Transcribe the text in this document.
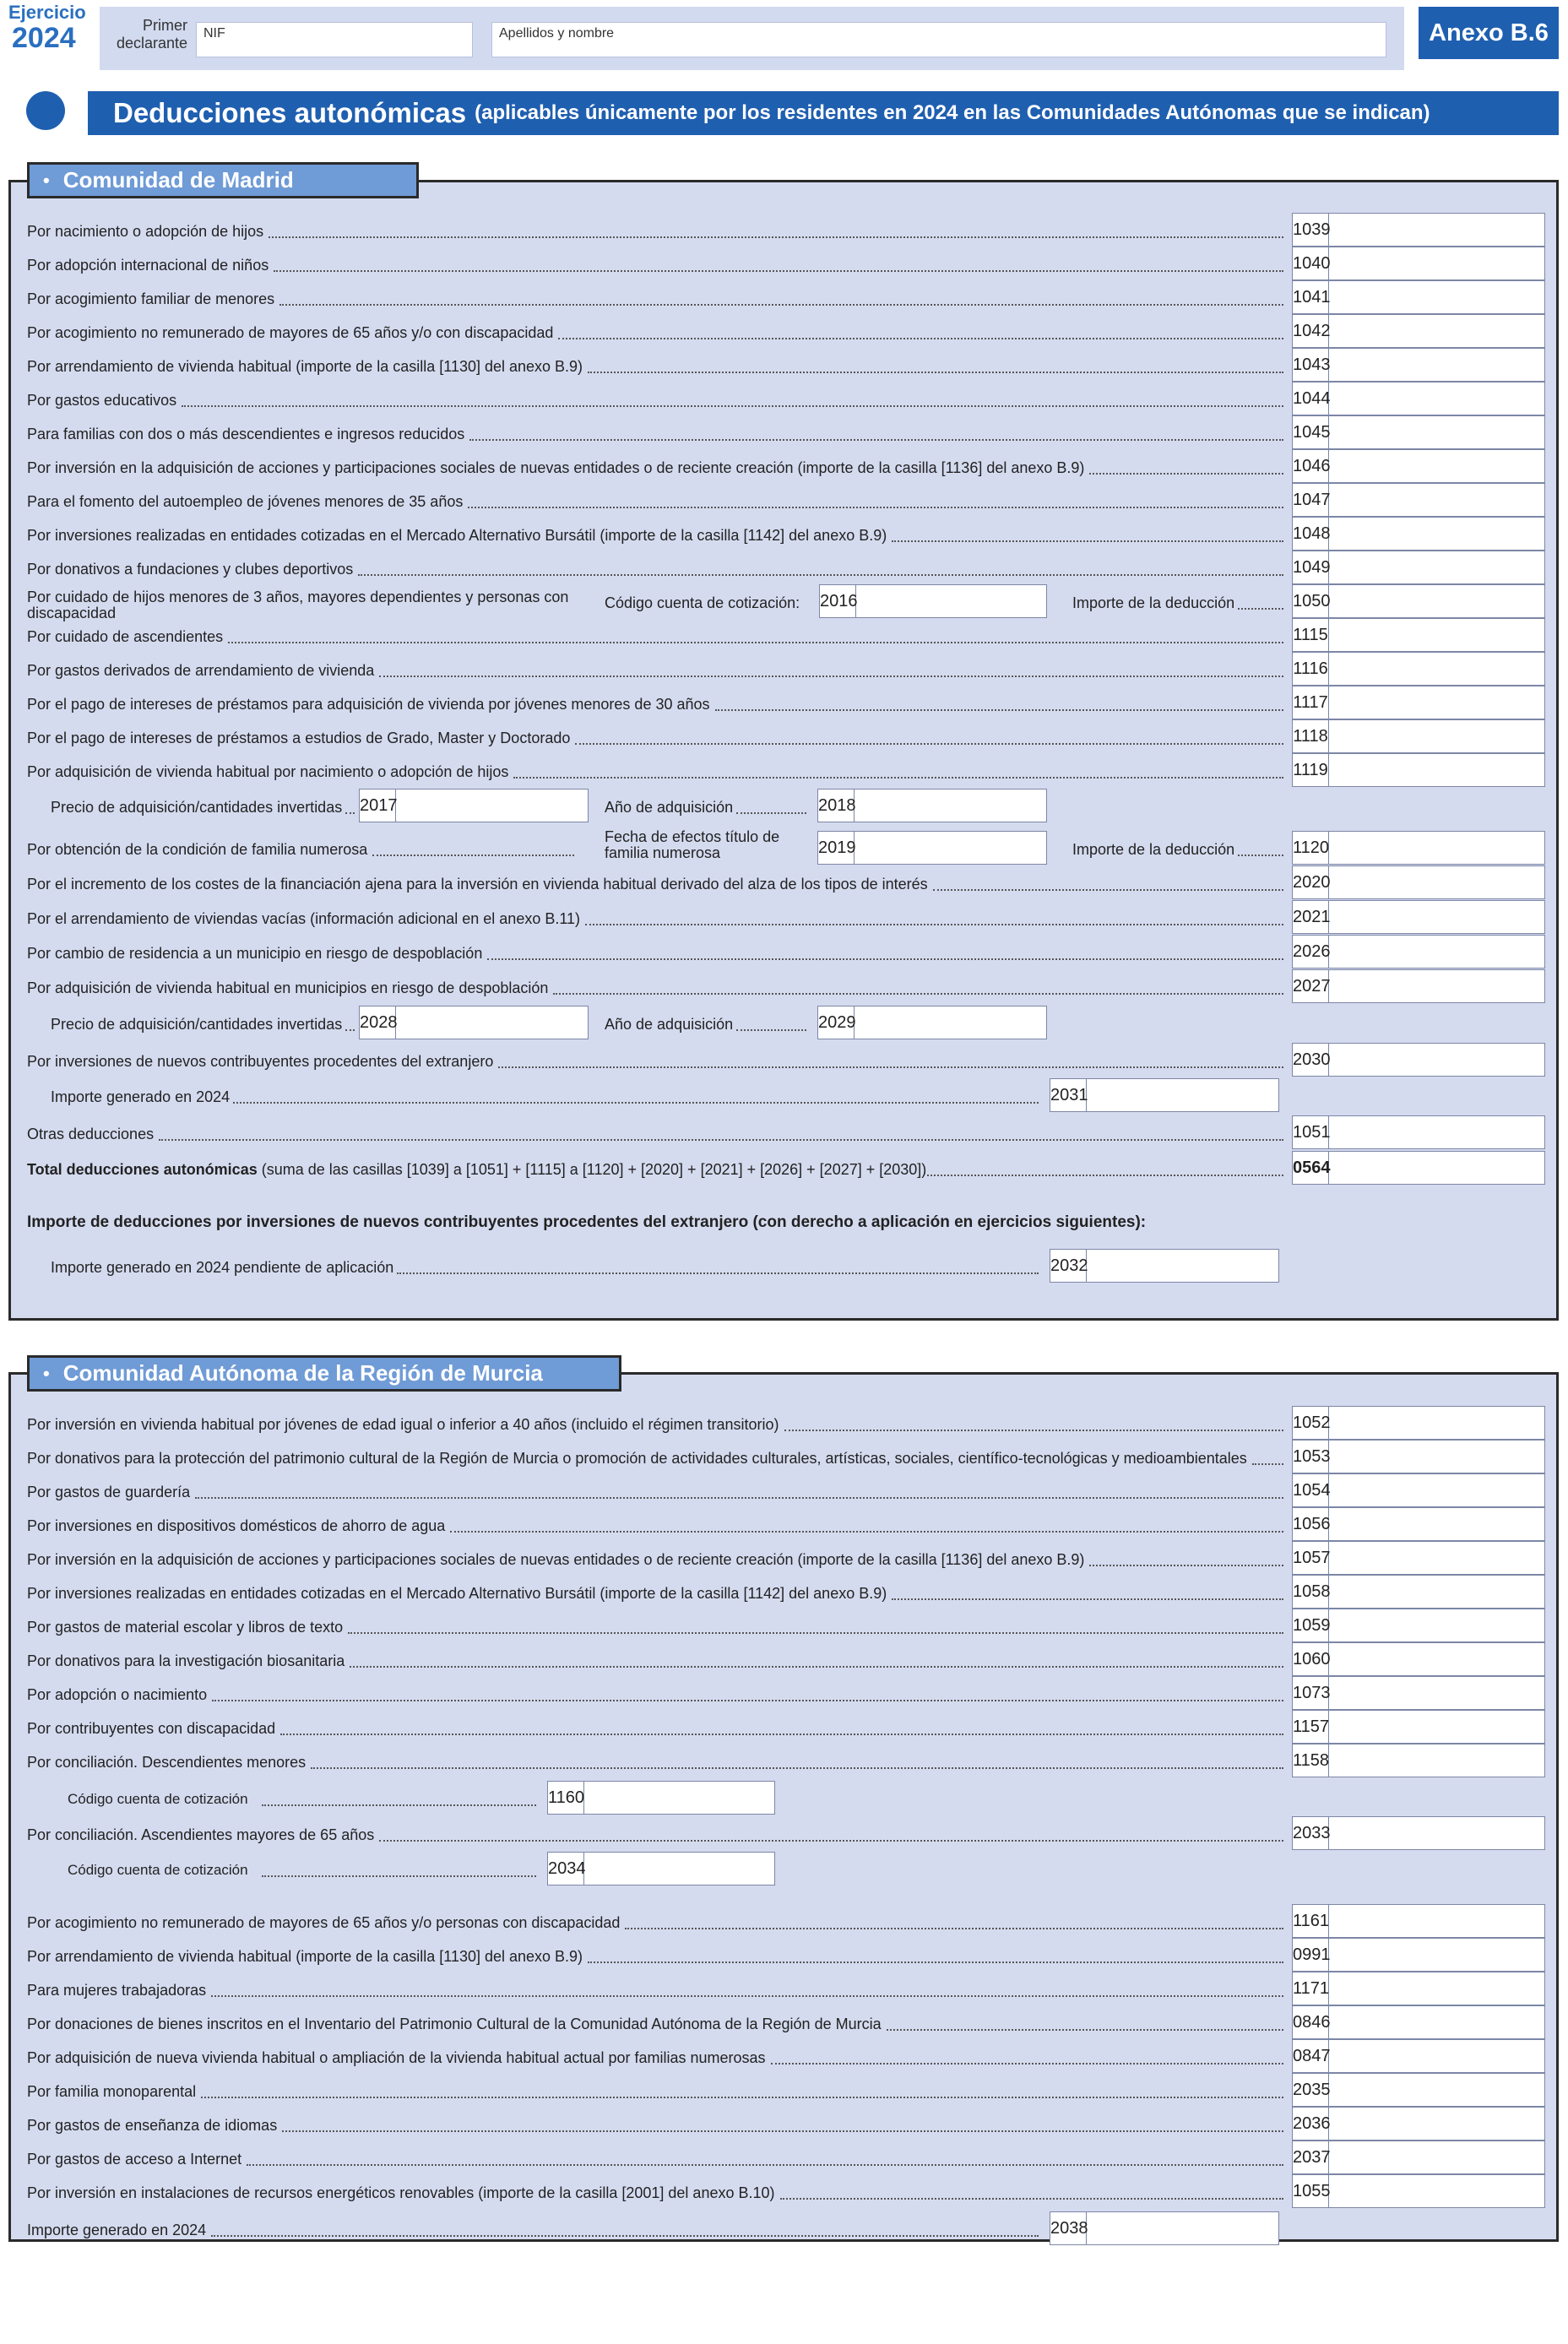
Ejercicio
2024	Primer declarante
NIF	Apellidos y nombre	Anexo B.6
Deducciones autonómicas (aplicables únicamente por los residentes en 2024 en las Comunidades Autónomas que se indican)
• Comunidad de Madrid
• Comunidad Autónoma de la Región de Murcia
Por nacimiento o adopción de hijos	1039
Por adopción internacional de niños	1040
Por acogimiento familiar de menores	1041
Por acogimiento no remunerado de mayores de 65 años y/o con discapacidad	1042
Por arrendamiento de vivienda habitual (importe de la casilla [1130] del anexo B.9)	1043
Por gastos educativos	1044
Para familias con dos o más descendientes e ingresos reducidos	1045
Por inversión en la adquisición de acciones y participaciones sociales de nuevas entidades o de reciente creación (importe de la casilla [1136] del anexo B.9)	1046
Para el fomento del autoempleo de jóvenes menores de 35 años	1047
Por inversiones realizadas en entidades cotizadas en el Mercado Alternativo Bursátil (importe de la casilla [1142] del anexo B.9)	1048
Por donativos a fundaciones y clubes deportivos	1049
Por cuidado de hijos menores de 3 años, mayores dependientes y personas con discapacidad
Código cuenta de cotización: 2016	Importe de la deducción	1050
Por cuidado de ascendientes	1115
Por gastos derivados de arrendamiento de vivienda	1116
Por el pago de intereses de préstamos para adquisición de vivienda por jóvenes menores de 30 años	1117
Por el pago de intereses de préstamos a estudios de Grado, Master y Doctorado	1118
Por adquisición de vivienda habitual por nacimiento o adopción de hijos	1119
Precio de adquisición/cantidades invertidas 2017	Año de adquisición	2018
Por obtención de la condición de familia numerosa
Fecha de efectos título de familia numerosa	2019	Importe de la deducción	1120
Por el incremento de los costes de la financiación ajena para la inversión en vivienda habitual derivado del alza de los tipos de interés	2020
Por el arrendamiento de viviendas vacías (información adicional en el anexo B.11)	2021
Por cambio de residencia a un municipio en riesgo de despoblación	2026
Por adquisición de vivienda habitual en municipios en riesgo de despoblación	2027
Precio de adquisición/cantidades invertidas 2028	Año de adquisición	2029
Por inversiones de nuevos contribuyentes procedentes del extranjero	2030
Importe generado en 2024	2031
Otras deducciones	1051
Total deducciones autonómicas (suma de las casillas [1039] a [1051] + [1115] a [1120] + [2020] + [2021] + [2026] + [2027] + [2030])	0564
Importe de deducciones por inversiones de nuevos contribuyentes procedentes del extranjero (con derecho a aplicación en ejercicios siguientes):
Importe generado en 2024 pendiente de aplicación	2032
Por inversión en vivienda habitual por jóvenes de edad igual o inferior a 40 años (incluido el régimen transitorio)	1052
Por donativos para la protección del patrimonio cultural de la Región de Murcia o promoción de actividades culturales, artísticas, sociales, científico-tecnológicas y medioambientales	1053
Por gastos de guardería	1054
Por inversiones en dispositivos domésticos de ahorro de agua	1056
Por inversión en la adquisición de acciones y participaciones sociales de nuevas entidades o de reciente creación (importe de la casilla [1136] del anexo B.9)	1057
Por inversiones realizadas en entidades cotizadas en el Mercado Alternativo Bursátil (importe de la casilla [1142] del anexo B.9)	1058
Por gastos de material escolar y libros de texto	1059
Por donativos para la investigación biosanitaria	1060
Por adopción o nacimiento	1073
Por contribuyentes con discapacidad	1157
Por conciliación. Descendientes menores	1158
Código cuenta de cotización	1160
Por conciliación. Ascendientes mayores de 65 años	2033
Código cuenta de cotización	2034
Por acogimiento no remunerado de mayores de 65 años y/o personas con discapacidad	1161
Por arrendamiento de vivienda habitual (importe de la casilla [1130] del anexo B.9)	0991
Para mujeres trabajadoras	1171
Por donaciones de bienes inscritos en el Inventario del Patrimonio Cultural de la Comunidad Autónoma de la Región de Murcia	0846
Por adquisición de nueva vivienda habitual o ampliación de la vivienda habitual actual por familias numerosas	0847
Por familia monoparental	2035
Por gastos de enseñanza de idiomas	2036
Por gastos de acceso a Internet	2037
Por inversión en instalaciones de recursos energéticos renovables (importe de la casilla [2001] del anexo B.10)	1055
Importe generado en 2024	2038
